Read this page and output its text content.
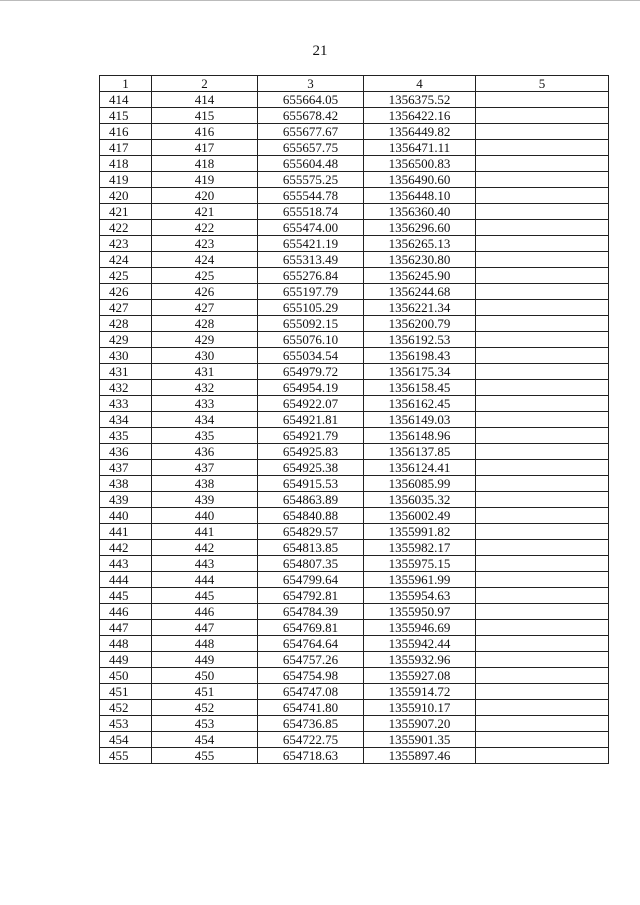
21
1	2	3	4	5
414	414	655664.05	1356375.52	
415	415	655678.42	1356422.16	
416	416	655677.67	1356449.82	
417	417	655657.75	1356471.11	
418	418	655604.48	1356500.83	
419	419	655575.25	1356490.60	
420	420	655544.78	1356448.10	
421	421	655518.74	1356360.40	
422	422	655474.00	1356296.60	
423	423	655421.19	1356265.13	
424	424	655313.49	1356230.80	
425	425	655276.84	1356245.90	
426	426	655197.79	1356244.68	
427	427	655105.29	1356221.34	
428	428	655092.15	1356200.79	
429	429	655076.10	1356192.53	
430	430	655034.54	1356198.43	
431	431	654979.72	1356175.34	
432	432	654954.19	1356158.45	
433	433	654922.07	1356162.45	
434	434	654921.81	1356149.03	
435	435	654921.79	1356148.96	
436	436	654925.83	1356137.85	
437	437	654925.38	1356124.41	
438	438	654915.53	1356085.99	
439	439	654863.89	1356035.32	
440	440	654840.88	1356002.49	
441	441	654829.57	1355991.82	
442	442	654813.85	1355982.17	
443	443	654807.35	1355975.15	
444	444	654799.64	1355961.99	
445	445	654792.81	1355954.63	
446	446	654784.39	1355950.97	
447	447	654769.81	1355946.69	
448	448	654764.64	1355942.44	
449	449	654757.26	1355932.96	
450	450	654754.98	1355927.08	
451	451	654747.08	1355914.72	
452	452	654741.80	1355910.17	
453	453	654736.85	1355907.20	
454	454	654722.75	1355901.35	
455	455	654718.63	1355897.46	
